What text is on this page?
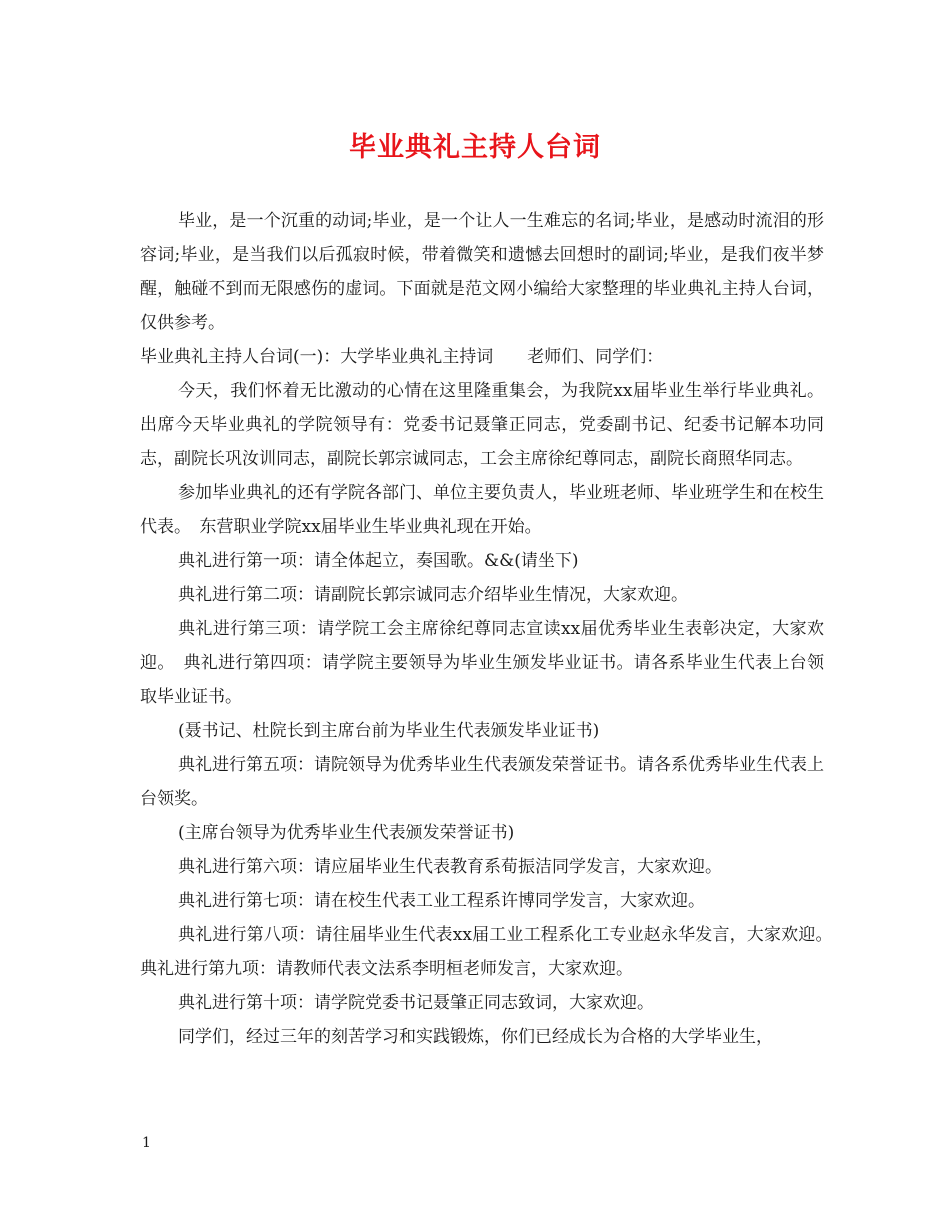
毕业典礼主持人台词

毕业，是一个沉重的动词;毕业，是一个让人一生难忘的名词;毕业，是感动时流泪的形容词;毕业，是当我们以后孤寂时候，带着微笑和遗憾去回想时的副词;毕业，是我们夜半梦醒，触碰不到而无限感伤的虚词。下面就是范文网小编给大家整理的毕业典礼主持人台词，仅供参考。

毕业典礼主持人台词(一)：大学毕业典礼主持词　　老师们、同学们：

今天，我们怀着无比激动的心情在这里隆重集会，为我院xx届毕业生举行毕业典礼。出席今天毕业典礼的学院领导有：党委书记聂肇正同志，党委副书记、纪委书记解本功同志，副院长巩汝训同志，副院长郭宗诚同志，工会主席徐纪尊同志，副院长商照华同志。

参加毕业典礼的还有学院各部门、单位主要负责人，毕业班老师、毕业班学生和在校生代表。　东营职业学院xx届毕业生毕业典礼现在开始。

典礼进行第一项：请全体起立，奏国歌。&&(请坐下)

典礼进行第二项：请副院长郭宗诚同志介绍毕业生情况，大家欢迎。

典礼进行第三项：请学院工会主席徐纪尊同志宣读xx届优秀毕业生表彰决定，大家欢迎。　典礼进行第四项：请学院主要领导为毕业生颁发毕业证书。请各系毕业生代表上台领取毕业证书。

(聂书记、杜院长到主席台前为毕业生代表颁发毕业证书)

典礼进行第五项：请院领导为优秀毕业生代表颁发荣誉证书。请各系优秀毕业生代表上台领奖。

(主席台领导为优秀毕业生代表颁发荣誉证书)

典礼进行第六项：请应届毕业生代表教育系荀振洁同学发言，大家欢迎。

典礼进行第七项：请在校生代表工业工程系许博同学发言，大家欢迎。

典礼进行第八项：请往届毕业生代表xx届工业工程系化工专业赵永华发言，大家欢迎。　典礼进行第九项：请教师代表文法系李明桓老师发言，大家欢迎。

典礼进行第十项：请学院党委书记聂肇正同志致词，大家欢迎。

同学们，经过三年的刻苦学习和实践锻炼，你们已经成长为合格的大学毕业生，

1
